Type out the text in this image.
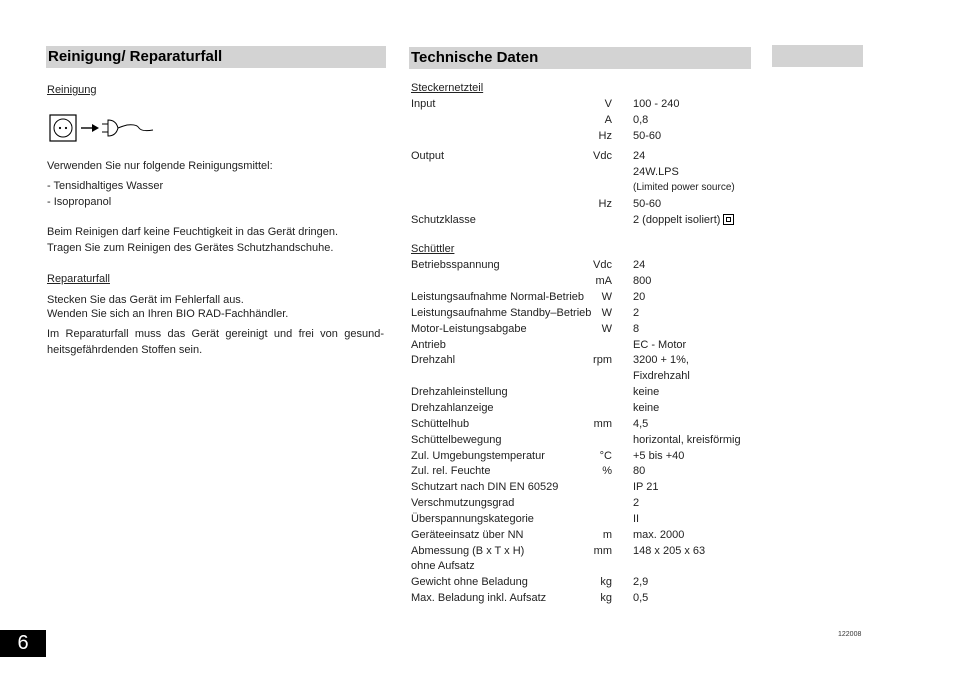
Reinigung/ Reparaturfall
Reinigung
Verwenden Sie nur folgende Reinigungsmittel:
- Tensidhaltiges Wasser
- Isopropanol
Beim Reinigen darf keine Feuchtigkeit in das Gerät dringen.
Tragen Sie zum Reinigen des Gerätes Schutzhandschuhe.
Reparaturfall
Stecken Sie das Gerät im Fehlerfall aus.
Wenden Sie sich an Ihren BIO RAD-Fachhändler.
Im Reparaturfall muss das Gerät gereinigt und frei von gesund-heitsgefährdenden Stoffen sein.
Technische Daten
Steckernetzteil
Input	V 100 - 240
A 0,8
Hz 50-60
Output	Vdc 24
24W.LPS
(Limited power source)
Hz 50-60
Schutzklasse	2 (doppelt isoliert)
Schüttler
Betriebsspannung	Vdc 24
mA 800
Leistungsaufnahme Normal-Betrieb	W 20
Leistungsaufnahme Standby–Betrieb W 2
Motor-Leistungsabgabe	W 8
Antrieb	EC - Motor
Drehzahl	rpm 3200 + 1%,
Fixdrehzahl
Drehzahleinstellung	keine
Drehzahlanzeige	keine
Schüttelhub	mm 4,5
Schüttelbewegung	horizontal, kreisförmig
Zul. Umgebungstemperatur	°C +5 bis +40
Zul. rel. Feuchte	% 80
Schutzart nach DIN EN 60529	IP 21
Verschmutzungsgrad	2
Überspannungskategorie	II
Geräteeinsatz über NN	m max. 2000
Abmessung (B x T x H)	mm 148 x 205 x 63
ohne Aufsatz
Gewicht ohne Beladung	kg 2,9
Max. Beladung inkl. Aufsatz	kg 0,5
6	122008
